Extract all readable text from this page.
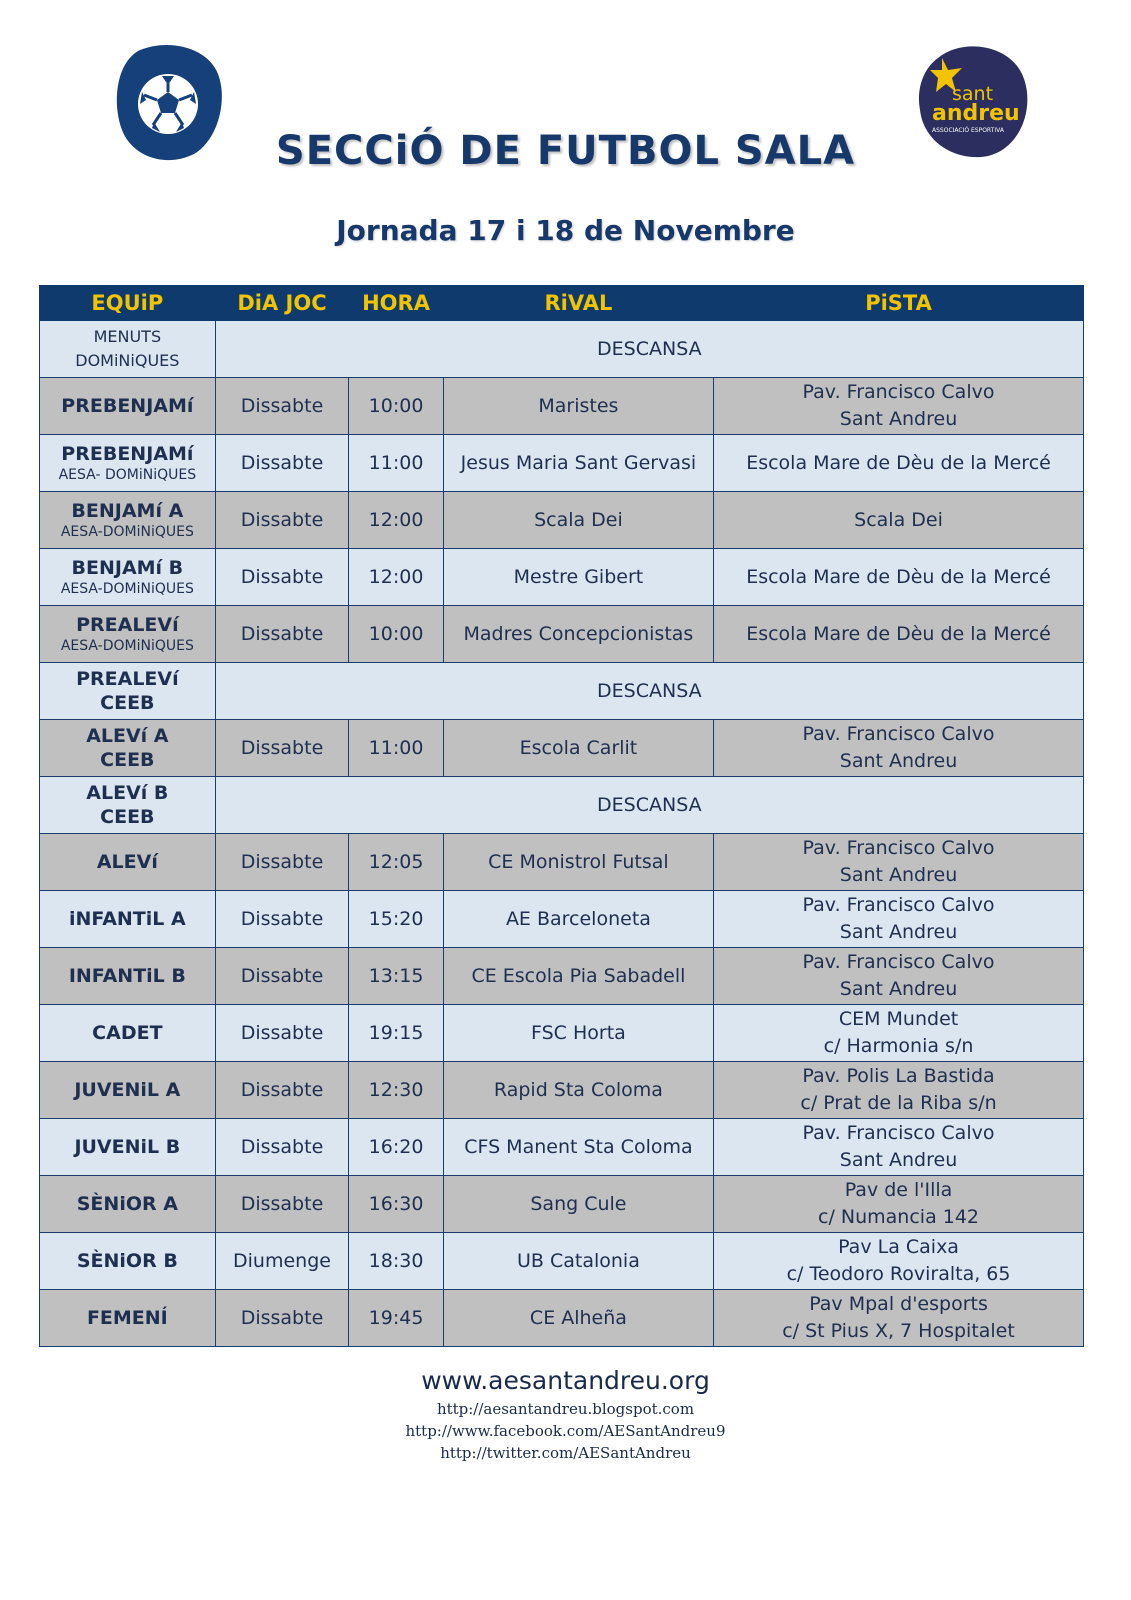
sant
andreu
ASSOCIACIÓ ESPORTIVA
SECCiÓ DE FUTBOL SALA
Jornada 17 i 18 de Novembre
EQUiP	DiA JOC	HORA	RiVAL	PiSTA

MENUTS
DOMiNiQUES	DESCANSA			

PREBENJAMí	Dissabte	10:00	Maristes	Pav. Francisco Calvo
Sant Andreu

PREBENJAMí
AESA- DOMiNiQUES	Dissabte	11:00	Jesus Maria Sant Gervasi	Escola Mare de Dèu de la Mercé

BENJAMí A
AESA-DOMiNiQUES	Dissabte	12:00	Scala Dei	Scala Dei

BENJAMí B
AESA-DOMiNiQUES	Dissabte	12:00	Mestre Gibert	Escola Mare de Dèu de la Mercé

PREALEVí
AESA-DOMiNiQUES	Dissabte	10:00	Madres Concepcionistas	Escola Mare de Dèu de la Mercé

PREALEVí
CEEB	DESCANSA			

ALEVí A
CEEB	Dissabte	11:00	Escola Carlit	Pav. Francisco Calvo
Sant Andreu

ALEVí B
CEEB	DESCANSA			

ALEVí	Dissabte	12:05	CE Monistrol Futsal	Pav. Francisco Calvo
Sant Andreu

iNFANTiL A	Dissabte	15:20	AE Barceloneta	Pav. Francisco Calvo
Sant Andreu

INFANTiL B	Dissabte	13:15	CE Escola Pia Sabadell	Pav. Francisco Calvo
Sant Andreu

CADET	Dissabte	19:15	FSC Horta	CEM Mundet
c/ Harmonia s/n

JUVENiL A	Dissabte	12:30	Rapid Sta Coloma	Pav. Polis La Bastida
c/ Prat de la Riba s/n

JUVENiL B	Dissabte	16:20	CFS Manent Sta Coloma	Pav. Francisco Calvo
Sant Andreu

SÈNiOR A	Dissabte	16:30	Sang Cule	Pav de l'Illa
c/ Numancia 142

SÈNiOR B	Diumenge	18:30	UB Catalonia	Pav La Caixa
c/ Teodoro Roviralta, 65

FEMENÍ	Dissabte	19:45	CE Alheña	Pav Mpal d'esports
c/ St Pius X, 7 Hospitalet
www.aesantandreu.org
http://aesantandreu.blogspot.com
http://www.facebook.com/AESantAndreu9
http://twitter.com/AESantAndreu
